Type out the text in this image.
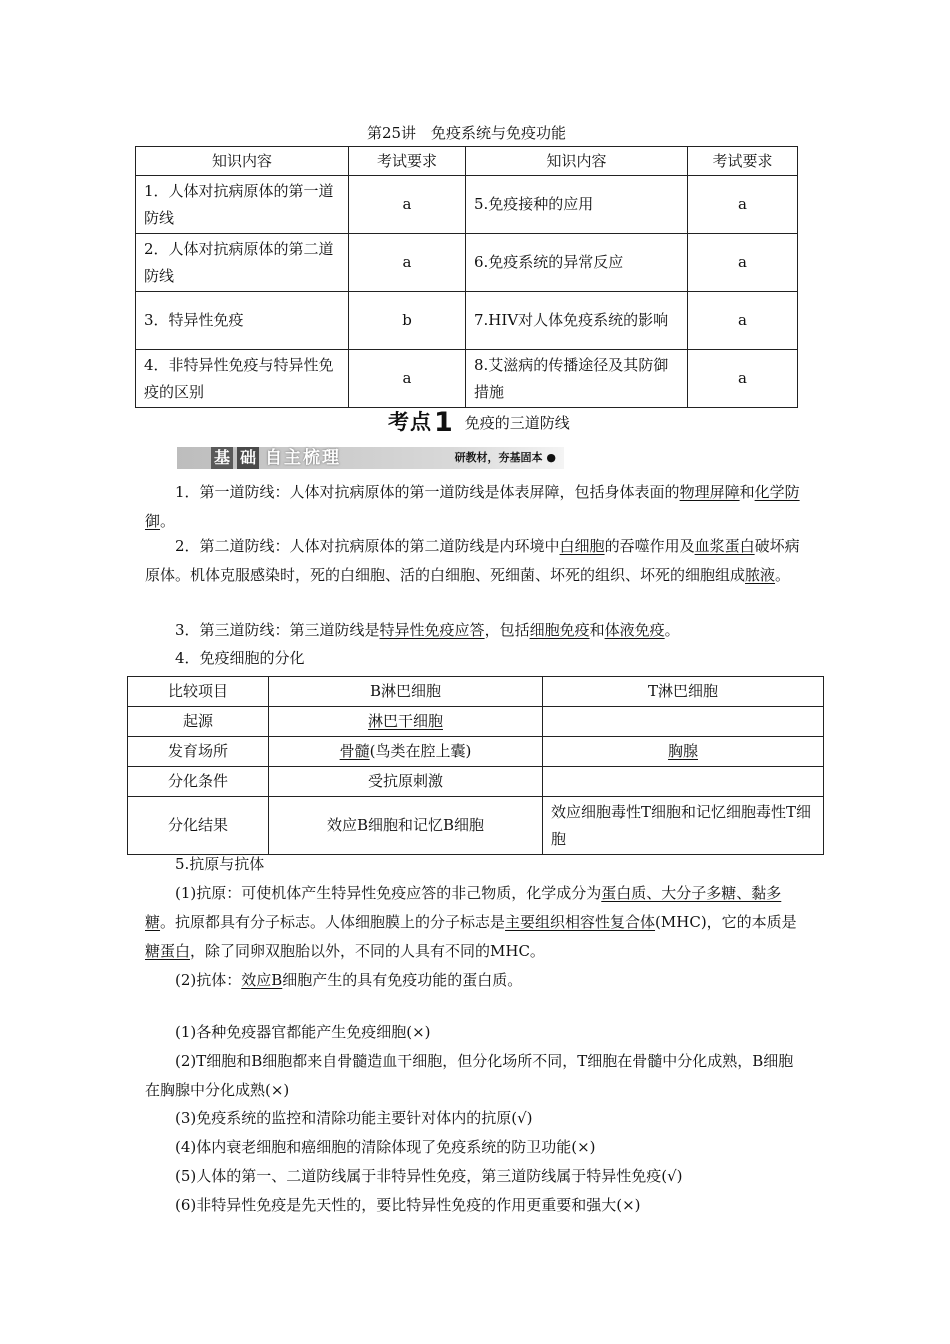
第25讲　免疫系统与免疫功能
知识内容	考试要求	知识内容	考试要求
1．人体对抗病原体的第一道防线	a	5.免疫接种的应用	a
2．人体对抗病原体的第二道防线	a	6.免疫系统的异常反应	a
3．特异性免疫	b	7.HIV对人体免疫系统的影响	a
4．非特异性免疫与特异性免疫的区别	a	8.艾滋病的传播途径及其防御措施	a
考点1 免疫的三道防线
基 础 自主梳理	研教材，夯基固本 ●
1．第一道防线：人体对抗病原体的第一道防线是体表屏障，包括身体表面的物理屏障和化学防御。
2．第二道防线：人体对抗病原体的第二道防线是内环境中白细胞的吞噬作用及血浆蛋白破坏病原体。机体克服感染时，死的白细胞、活的白细胞、死细菌、坏死的组织、坏死的细胞组成脓液。
3．第三道防线：第三道防线是特异性免疫应答，包括细胞免疫和体液免疫。
4．免疫细胞的分化
比较项目	B淋巴细胞	T淋巴细胞
起源	淋巴干细胞	
发育场所	骨髓(鸟类在腔上囊)	胸腺
分化条件	受抗原刺激	
分化结果	效应B细胞和记忆B细胞	效应细胞毒性T细胞和记忆细胞毒性T细胞
5.抗原与抗体
(1)抗原：可使机体产生特异性免疫应答的非己物质，化学成分为蛋白质、大分子多糖、黏多糖。抗原都具有分子标志。人体细胞膜上的分子标志是主要组织相容性复合体(MHC)，它的本质是糖蛋白，除了同卵双胞胎以外，不同的人具有不同的MHC。
(2)抗体：效应B细胞产生的具有免疫功能的蛋白质。
(1)各种免疫器官都能产生免疫细胞(×)
(2)T细胞和B细胞都来自骨髓造血干细胞，但分化场所不同，T细胞在骨髓中分化成熟，B细胞在胸腺中分化成熟(×)
(3)免疫系统的监控和清除功能主要针对体内的抗原(√)
(4)体内衰老细胞和癌细胞的清除体现了免疫系统的防卫功能(×)
(5)人体的第一、二道防线属于非特异性免疫，第三道防线属于特异性免疫(√)
(6)非特异性免疫是先天性的，要比特异性免疫的作用更重要和强大(×)
